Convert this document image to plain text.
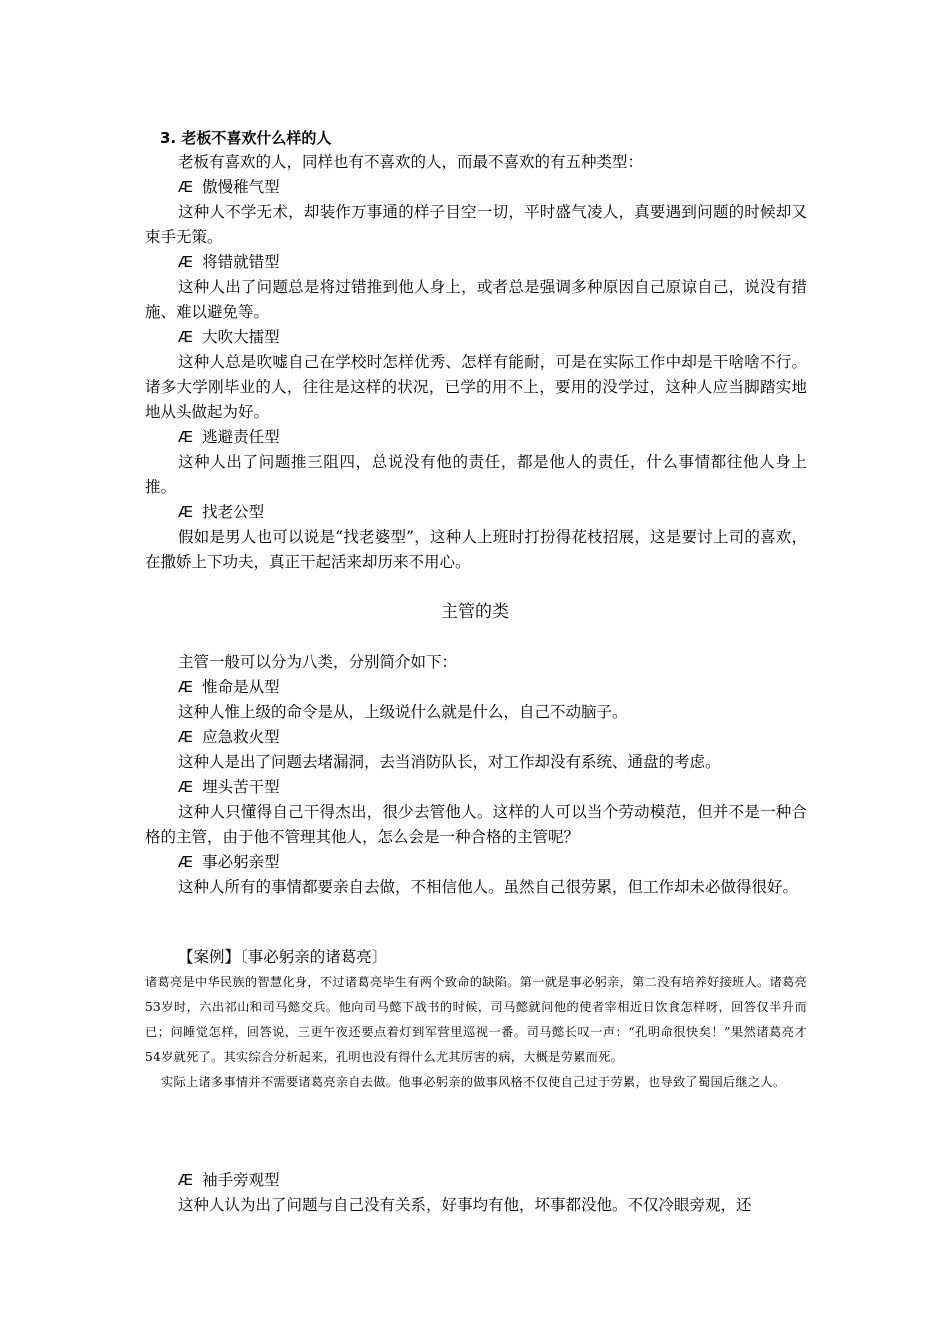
3. 老板不喜欢什么样的人

老板有喜欢的人，同样也有不喜欢的人，而最不喜欢的有五种类型：

Æ 傲慢稚气型

这种人不学无术，却装作万事通的样子目空一切，平时盛气凌人，真要遇到问题的时候却又束手无策。

Æ 将错就错型

这种人出了问题总是将过错推到他人身上，或者总是强调多种原因自己原谅自己，说没有措施、难以避免等。

Æ 大吹大擂型

这种人总是吹嘘自己在学校时怎样优秀、怎样有能耐，可是在实际工作中却是干啥啥不行。诸多大学刚毕业的人，往往是这样的状况，已学的用不上，要用的没学过，这种人应当脚踏实地地从头做起为好。

Æ 逃避责任型

这种人出了问题推三阻四，总说没有他的责任，都是他人的责任，什么事情都往他人身上推。

Æ 找老公型

假如是男人也可以说是“找老婆型”，这种人上班时打扮得花枝招展，这是要讨上司的喜欢，在撒娇上下功夫，真正干起活来却历来不用心。

主管的类

主管一般可以分为八类，分别简介如下：

Æ 惟命是从型

这种人惟上级的命令是从，上级说什么就是什么，自己不动脑子。

Æ 应急救火型

这种人是出了问题去堵漏洞，去当消防队长，对工作却没有系统、通盘的考虑。

Æ 埋头苦干型

这种人只懂得自己干得杰出，很少去管他人。这样的人可以当个劳动模范，但并不是一种合格的主管，由于他不管理其他人，怎么会是一种合格的主管呢？

Æ 事必躬亲型

这种人所有的事情都要亲自去做，不相信他人。虽然自己很劳累，但工作却未必做得很好。

【案例】〔事必躬亲的诸葛亮〕

诸葛亮是中华民族的智慧化身，不过诸葛亮毕生有两个致命的缺陷。第一就是事必躬亲，第二没有培养好接班人。诸葛亮53岁时，六出祁山和司马懿交兵。他向司马懿下战书的时候，司马懿就问他的使者宰相近日饮食怎样呀，回答仅半升而已；问睡觉怎样，回答说，三更午夜还要点着灯到军营里巡视一番。司马懿长叹一声：“孔明命很快矣！”果然诸葛亮才54岁就死了。其实综合分析起来，孔明也没有得什么尤其厉害的病，大概是劳累而死。

实际上诸多事情并不需要诸葛亮亲自去做。他事必躬亲的做事风格不仅使自己过于劳累，也导致了蜀国后继之人。

Æ 袖手旁观型

这种人认为出了问题与自己没有关系，好事均有他，坏事都没他。不仅冷眼旁观，还
